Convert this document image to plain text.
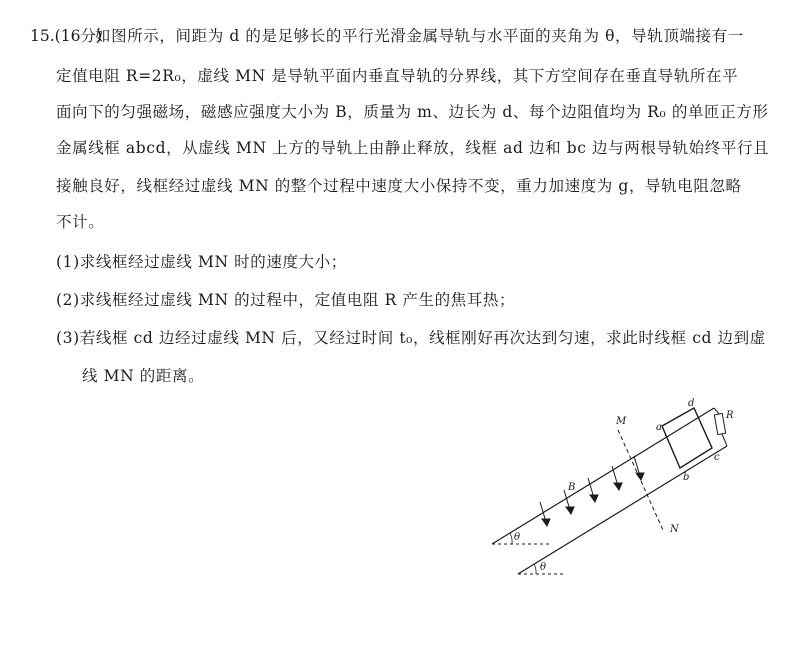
15.(16分)
如图所示，间距为 d 的是足够长的平行光滑金属导轨与水平面的夹角为 θ，导轨顶端接有一
定值电阻 R=2R₀，虚线 MN 是导轨平面内垂直导轨的分界线，其下方空间存在垂直导轨所在平
面向下的匀强磁场，磁感应强度大小为 B，质量为 m、边长为 d、每个边阻值均为 R₀ 的单匝正方形
金属线框 abcd，从虚线 MN 上方的导轨上由静止释放，线框 ad 边和 bc 边与两根导轨始终平行且
接触良好，线框经过虚线 MN 的整个过程中速度大小保持不变，重力加速度为 g，导轨电阻忽略
不计。
(1)求线框经过虚线 MN 时的速度大小；
(2)求线框经过虚线 MN 的过程中，定值电阻 R 产生的焦耳热；
(3)若线框 cd 边经过虚线 MN 后，又经过时间 t₀，线框刚好再次达到匀速，求此时线框 cd 边到虚
线 MN 的距离。
θ
θ
R
a
d
c
b
M
N
B
